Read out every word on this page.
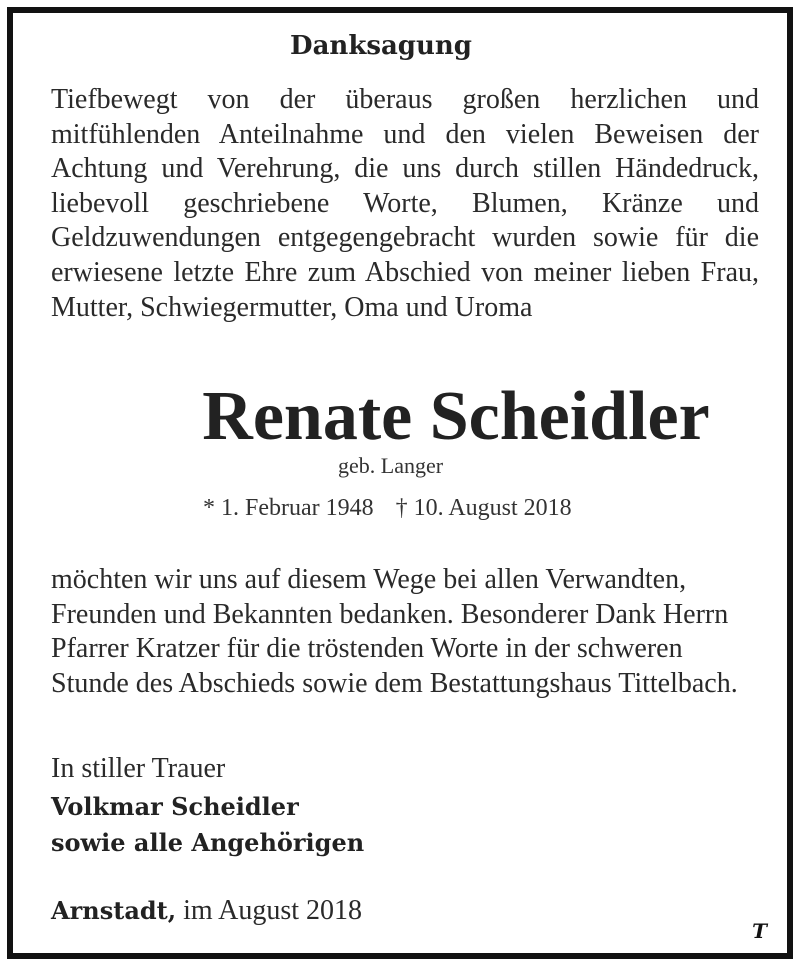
Danksagung
Tiefbewegt von der überaus großen herzlichen und mitfühlenden Anteilnahme und den vielen Beweisen der Achtung und Verehrung, die uns durch stillen Händedruck, liebevoll geschriebene Worte, Blumen, Kränze und Geldzuwendungen entgegengebracht wurden sowie für die erwiesene letzte Ehre zum Abschied von meiner lieben Frau, Mutter, Schwiegermutter, Oma und Uroma
Renate Scheidler
geb. Langer
* 1. Februar 1948 † 10. August 2018
möchten wir uns auf diesem Wege bei allen Verwandten,
Freunden und Bekannten bedanken. Besonderer Dank Herrn
Pfarrer Kratzer für die tröstenden Worte in der schweren
Stunde des Abschieds sowie dem Bestattungshaus Tittelbach.
In stiller Trauer
Volkmar Scheidler
sowie alle Angehörigen
Arnstadt, im August 2018
T
